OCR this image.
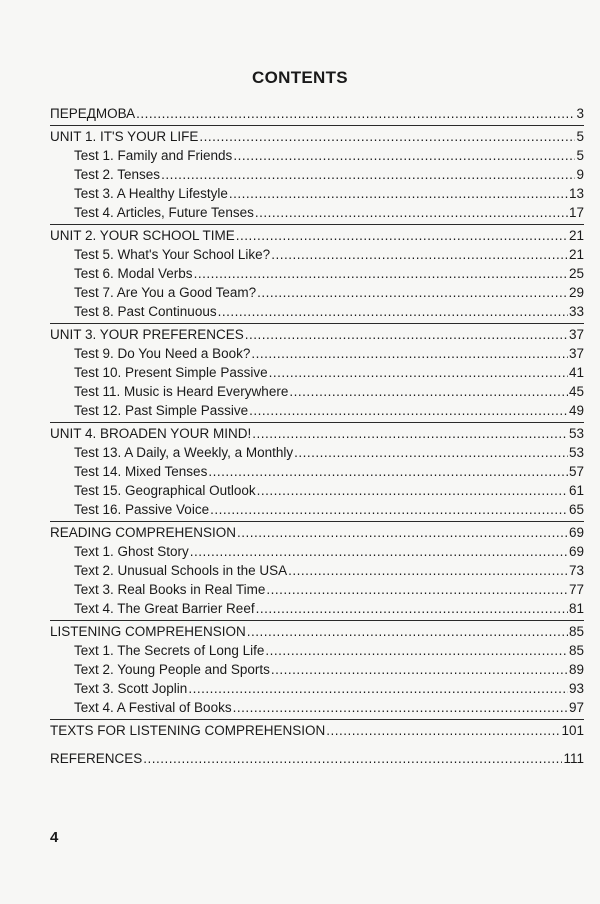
CONTENTS
ПЕРЕДМОВА .....	3
UNIT 1. IT'S YOUR LIFE .....	5
Test 1. Family and Friends .....	5
Test 2. Tenses .....	9
Test 3. A Healthy Lifestyle .....	13
Test 4. Articles, Future Tenses .....	17
UNIT 2. YOUR SCHOOL TIME .....	21
Test 5. What's Your School Like? .....	21
Test 6. Modal Verbs .....	25
Test 7. Are You a Good Team? .....	29
Test 8. Past Continuous .....	33
UNIT 3. YOUR PREFERENCES .....	37
Test 9. Do You Need a Book? .....	37
Test 10. Present Simple Passive .....	41
Test 11. Music is Heard Everywhere .....	45
Test 12. Past Simple Passive .....	49
UNIT 4. BROADEN YOUR MIND! .....	53
Test 13. A Daily, a Weekly, a Monthly .....	53
Test 14. Mixed Tenses .....	57
Test 15. Geographical Outlook .....	61
Test 16. Passive Voice .....	65
READING COMPREHENSION .....	69
Text 1. Ghost Story .....	69
Text 2. Unusual Schools in the USA .....	73
Text 3. Real Books in Real Time .....	77
Text 4. The Great Barrier Reef .....	81
LISTENING COMPREHENSION .....	85
Text 1. The Secrets of Long Life .....	85
Text 2. Young People and Sports .....	89
Text 3. Scott Joplin .....	93
Text 4. A Festival of Books .....	97
TEXTS FOR LISTENING COMPREHENSION .....	101
REFERENCES .....	111
4
